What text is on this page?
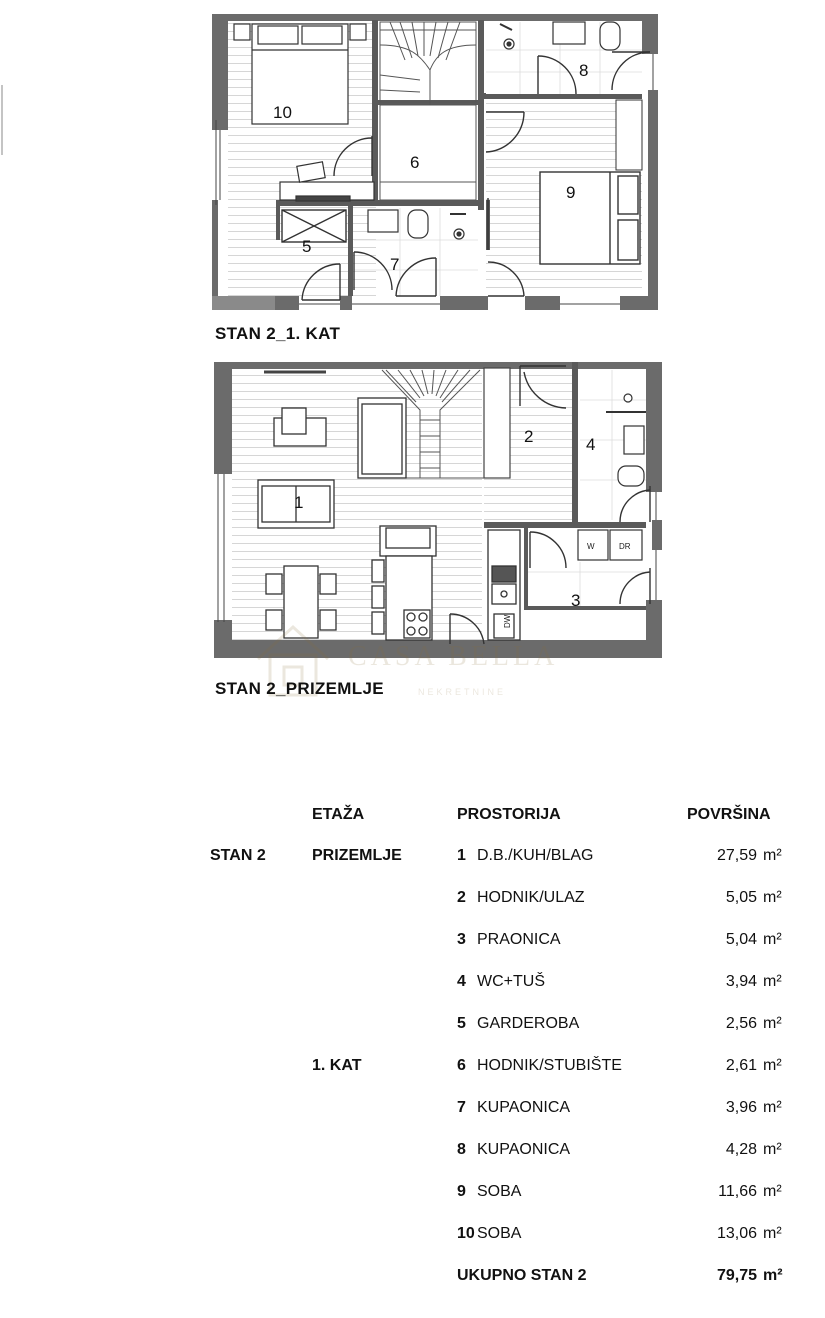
10
6
8
9
5
7
STAN 2_1. KAT
DW
W	DR
1
2	4
3
CASA BELLA
NEKRETNINE
STAN 2_PRIZEMLJE
	ETAŽA	PROSTORIJA		POVRŠINA	
STAN 2	PRIZEMLJE	1	D.B./KUH/BLAG	27,59	m²
		2	HODNIK/ULAZ	5,05	m²
		3	PRAONICA	5,04	m²
		4	WC+TUŠ	3,94	m²
		5	GARDEROBA	2,56	m²
	1. KAT	6	HODNIK/STUBIŠTE	2,61	m²
		7	KUPAONICA	3,96	m²
		8	KUPAONICA	4,28	m²
		9	SOBA	11,66	m²
		10	SOBA	13,06	m²
		UKUPNO STAN 2		79,75	m²
